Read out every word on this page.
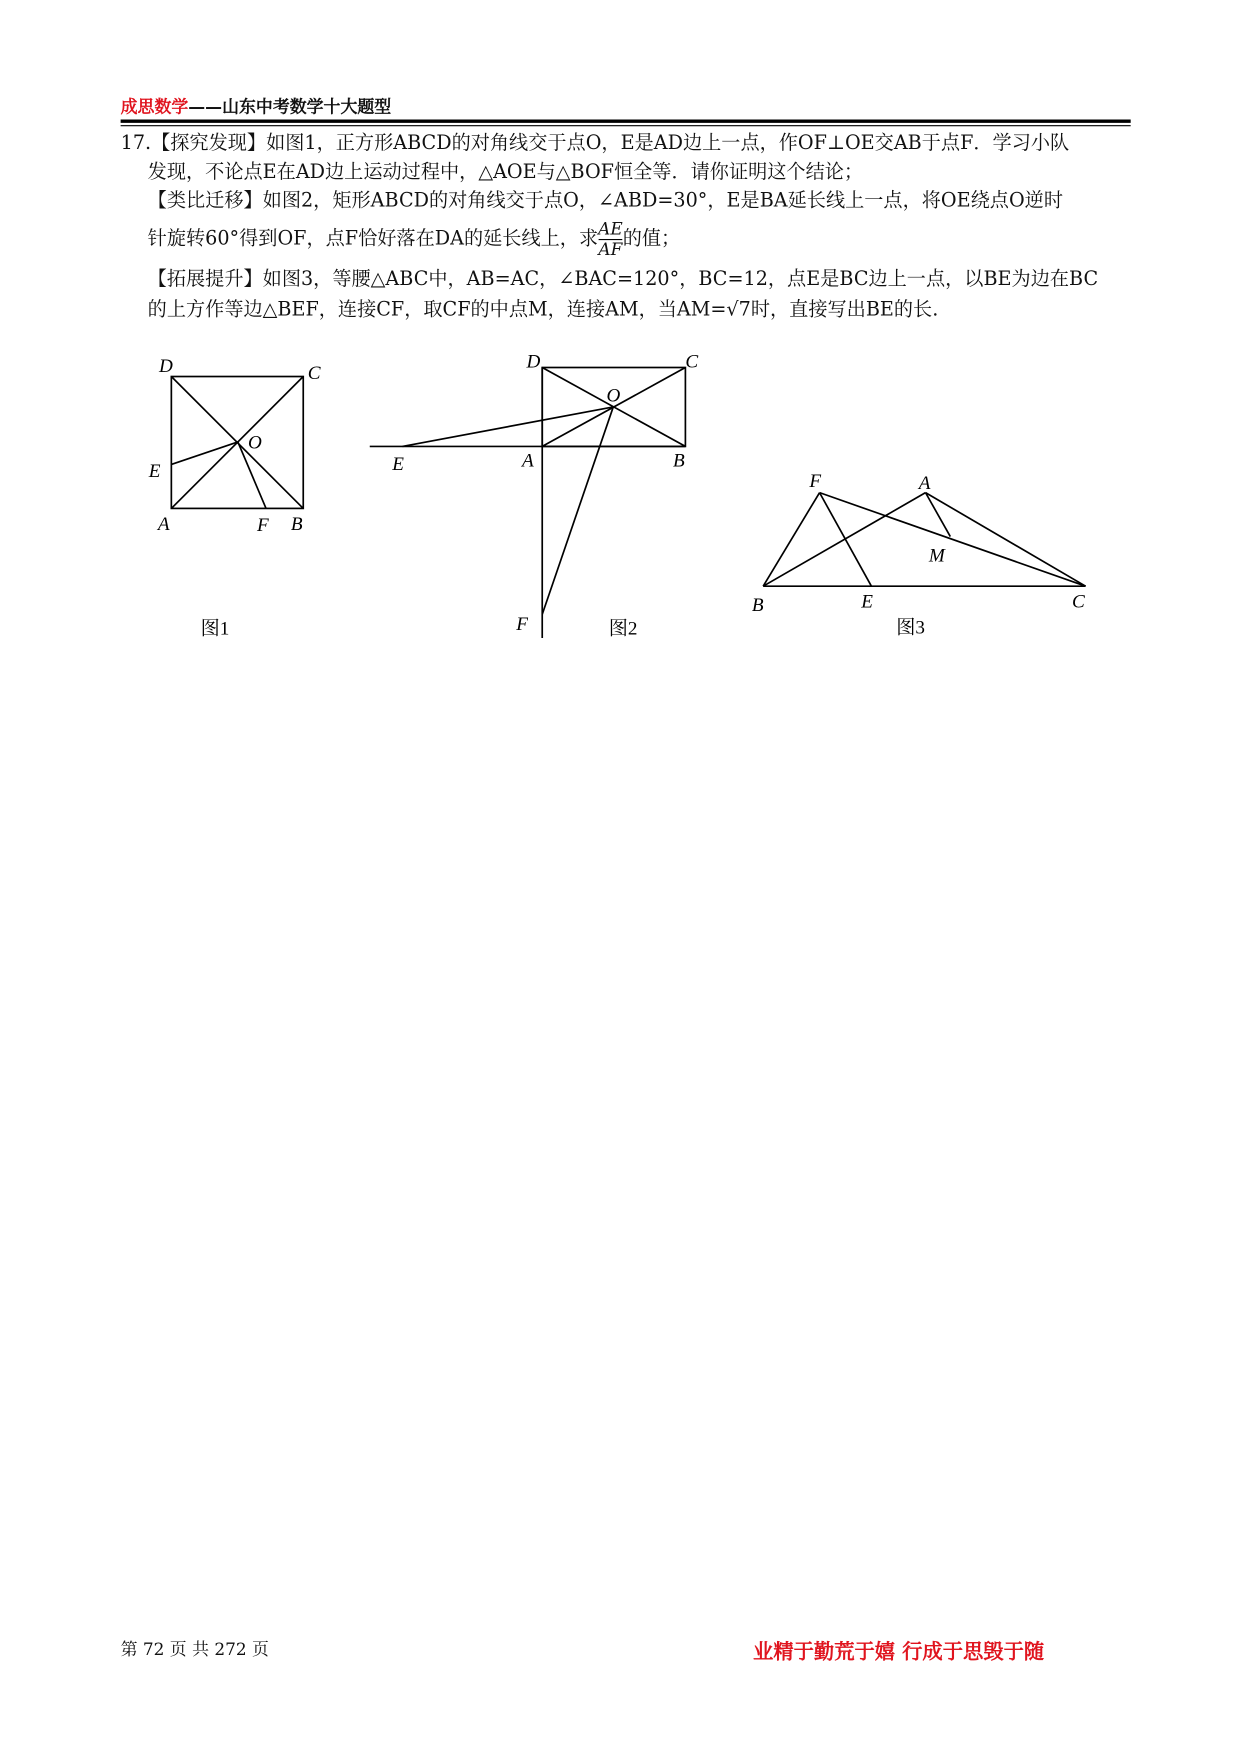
成思数学——山东中考数学十大题型
17.【探究发现】如图1，正方形ABCD的对角线交于点O，E是AD边上一点，作OF⊥OE交AB于点F．学习小队
发现，不论点E在AD边上运动过程中，△AOE与△BOF恒全等．请你证明这个结论；
【类比迁移】如图2，矩形ABCD的对角线交于点O，∠ABD=30°，E是BA延长线上一点，将OE绕点O逆时
针旋转60°得到OF，点F恰好落在DA的延长线上，求 $\frac{AE}{AF}$ 的值；
【拓展提升】如图3，等腰△ABC中，AB=AC，∠BAC=120°，BC=12，点E是BC边上一点，以BE为边在BC
的上方作等边△BEF，连接CF，取CF的中点M，连接AM，当AM=√7时，直接写出BE的长.
D	C
O
E
A	F B
图1
D	C
O
E	A	B
F	图2
F	A
M
B	E	C
图3
第 72 页 共 272 页	业精于勤荒于嬉 行成于思毁于随
